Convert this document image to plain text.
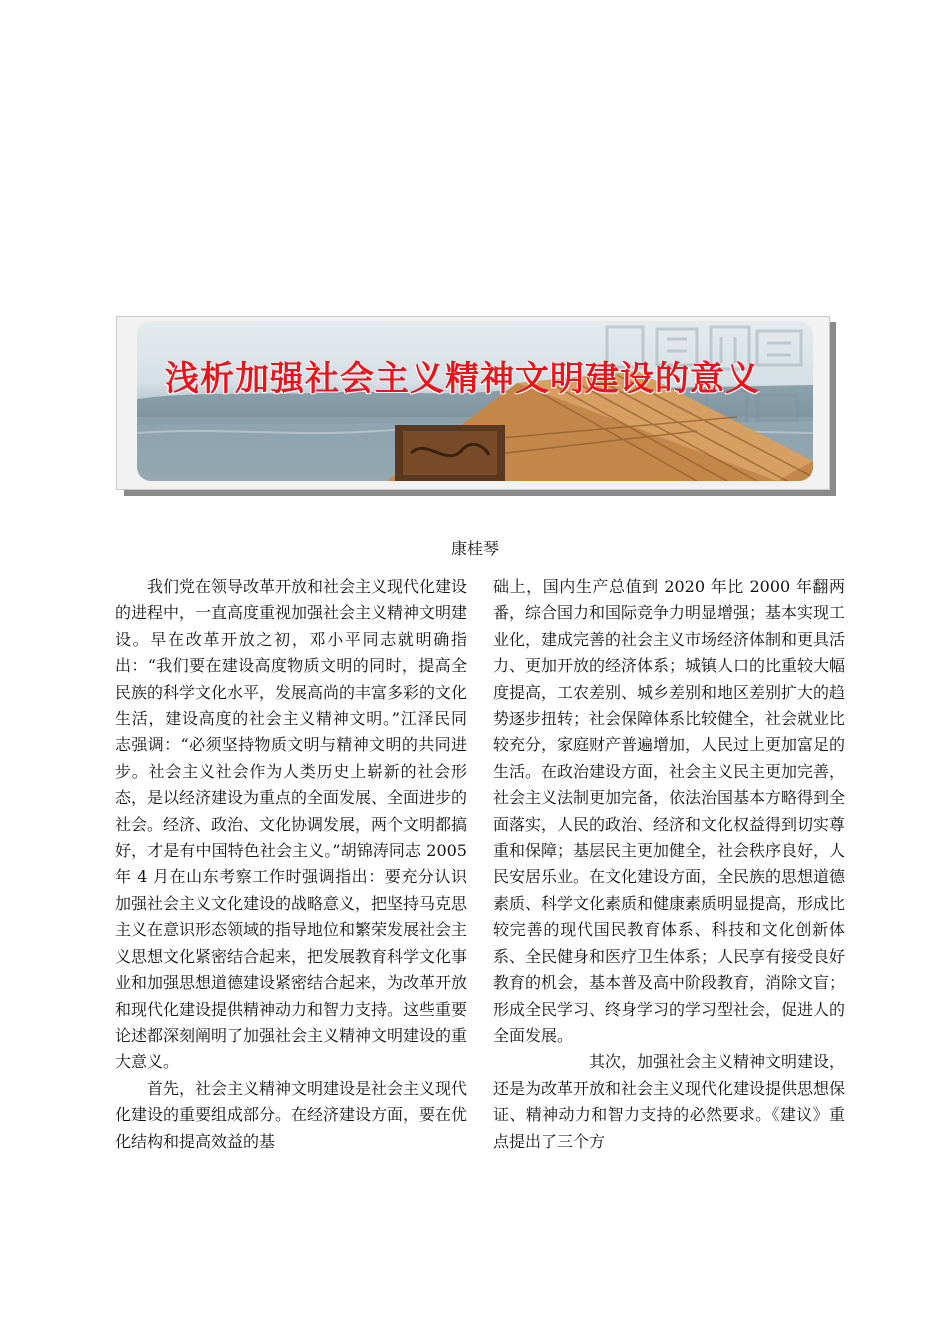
浅析加强社会主义精神文明建设的意义
康桂琴

我们党在领导改革开放和社会主义现代化建设的进程中，一直高度重视加强社会主义精神文明建设。早在改革开放之初，邓小平同志就明确指出：“我们要在建设高度物质文明的同时，提高全民族的科学文化水平，发展高尚的丰富多彩的文化生活，建设高度的社会主义精神文明。”江泽民同志强调：“必须坚持物质文明与精神文明的共同进步。社会主义社会作为人类历史上崭新的社会形态，是以经济建设为重点的全面发展、全面进步的社会。经济、政治、文化协调发展，两个文明都搞好，才是有中国特色社会主义。”胡锦涛同志 2005 年 4 月在山东考察工作时强调指出：要充分认识加强社会主义文化建设的战略意义，把坚持马克思主义在意识形态领域的指导地位和繁荣发展社会主义思想文化紧密结合起来，把发展教育科学文化事业和加强思想道德建设紧密结合起来，为改革开放和现代化建设提供精神动力和智力支持。这些重要论述都深刻阐明了加强社会主义精神文明建设的重大意义。

首先，社会主义精神文明建设是社会主义现代化建设的重要组成部分。在经济建设方面，要在优化结构和提高效益的基

础上，国内生产总值到 2020 年比 2000 年翻两番，综合国力和国际竞争力明显增强；基本实现工业化，建成完善的社会主义市场经济体制和更具活力、更加开放的经济体系；城镇人口的比重较大幅度提高，工农差别、城乡差别和地区差别扩大的趋势逐步扭转；社会保障体系比较健全，社会就业比较充分，家庭财产普遍增加，人民过上更加富足的生活。在政治建设方面，社会主义民主更加完善，社会主义法制更加完备，依法治国基本方略得到全面落实，人民的政治、经济和文化权益得到切实尊重和保障；基层民主更加健全，社会秩序良好，人民安居乐业。在文化建设方面，全民族的思想道德素质、科学文化素质和健康素质明显提高，形成比较完善的现代国民教育体系、科技和文化创新体系、全民健身和医疗卫生体系；人民享有接受良好教育的机会，基本普及高中阶段教育，消除文盲；形成全民学习、终身学习的学习型社会，促进人的全面发展。

其次，加强社会主义精神文明建设，还是为改革开放和社会主义现代化建设提供思想保证、精神动力和智力支持的必然要求。《建议》重点提出了三个方
